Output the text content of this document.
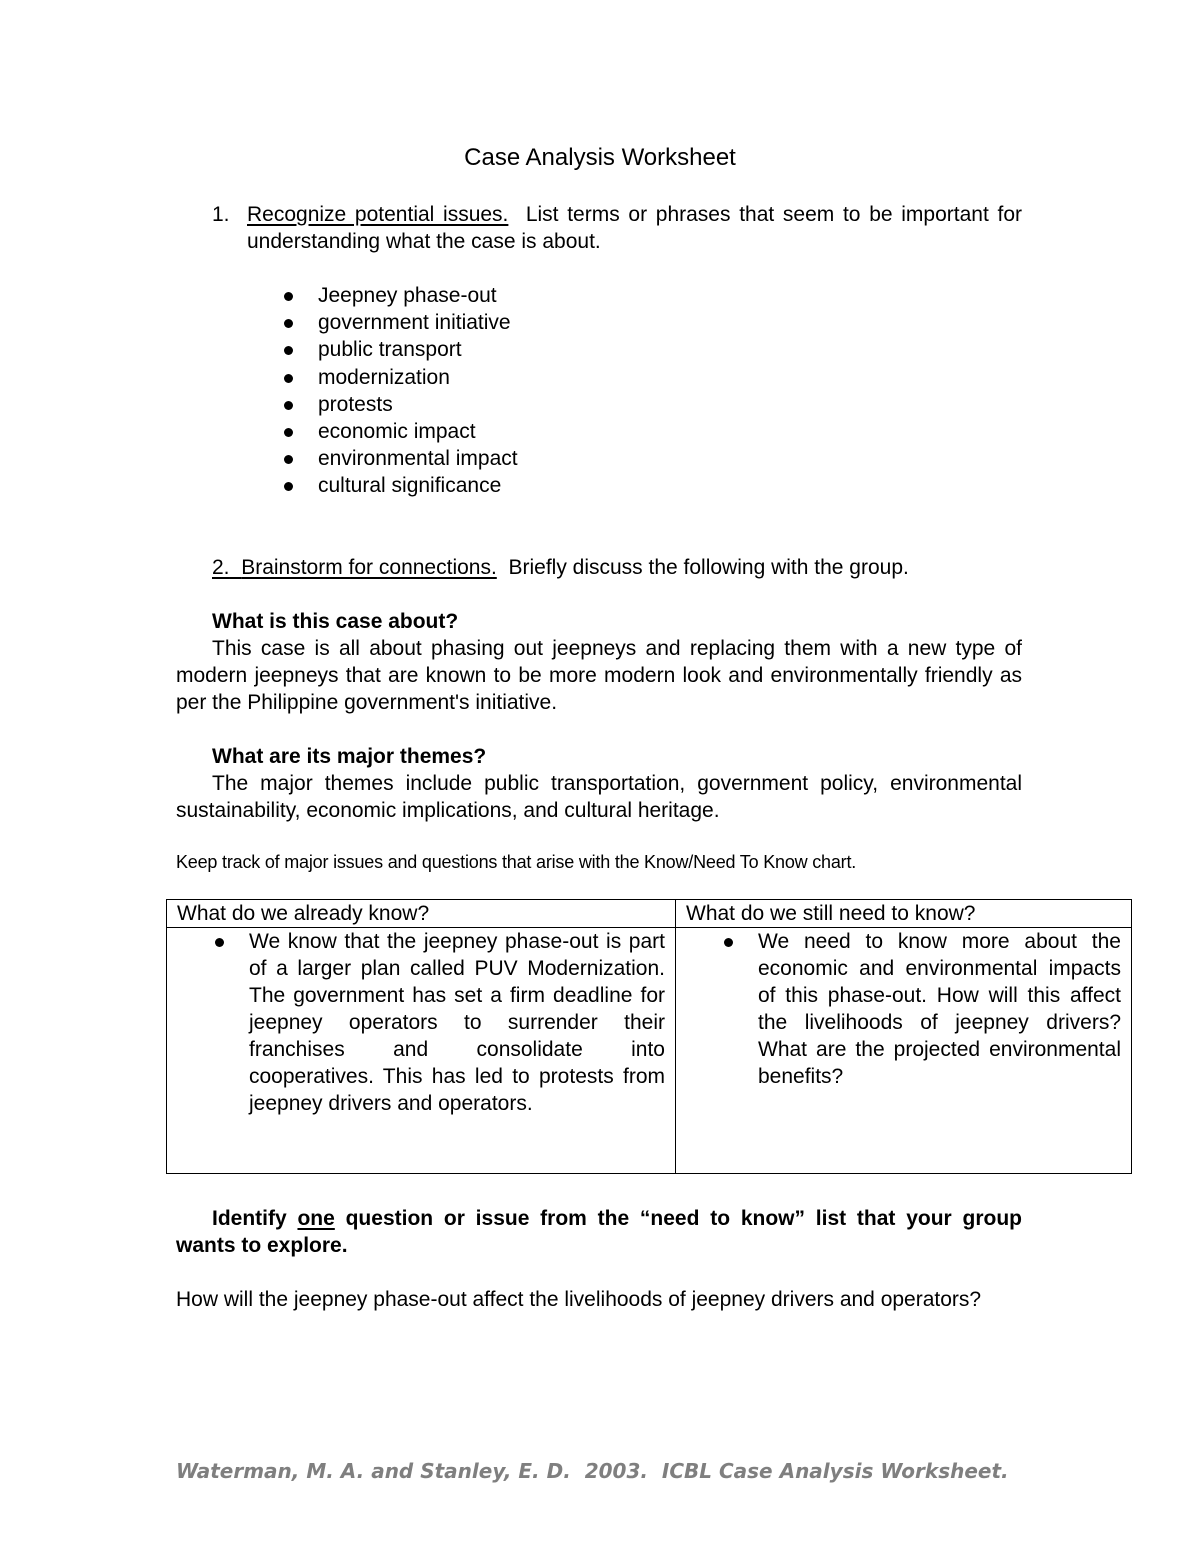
Case Analysis Worksheet
1. Recognize potential issues. List terms or phrases that seem to be important for understanding what the case is about.
Jeepney phase-out
government initiative
public transport
modernization
protests
economic impact
environmental impact
cultural significance
2. Brainstorm for connections. Briefly discuss the following with the group.
What is this case about?
This case is all about phasing out jeepneys and replacing them with a new type of modern jeepneys that are known to be more modern look and environmentally friendly as per the Philippine government's initiative.
What are its major themes?
The major themes include public transportation, government policy, environmental sustainability, economic implications, and cultural heritage.
Keep track of major issues and questions that arise with the Know/Need To Know chart.
What do we already know?	What do we still need to know?

We know that the jeepney phase-out is part of a larger plan called PUV Modernization. The government has set a firm deadline for jeepney operators to surrender their franchises and consolidate into cooperatives. This has led to protests from jeepney drivers and operators.	We need to know more about the economic and environmental impacts of this phase-out. How will this affect the livelihoods of jeepney drivers? What are the projected environmental benefits?
Identify one question or issue from the “need to know” list that your group wants to explore.
How will the jeepney phase-out affect the livelihoods of jeepney drivers and operators?
Waterman, M. A. and Stanley, E. D.  2003.  ICBL Case Analysis Worksheet.
